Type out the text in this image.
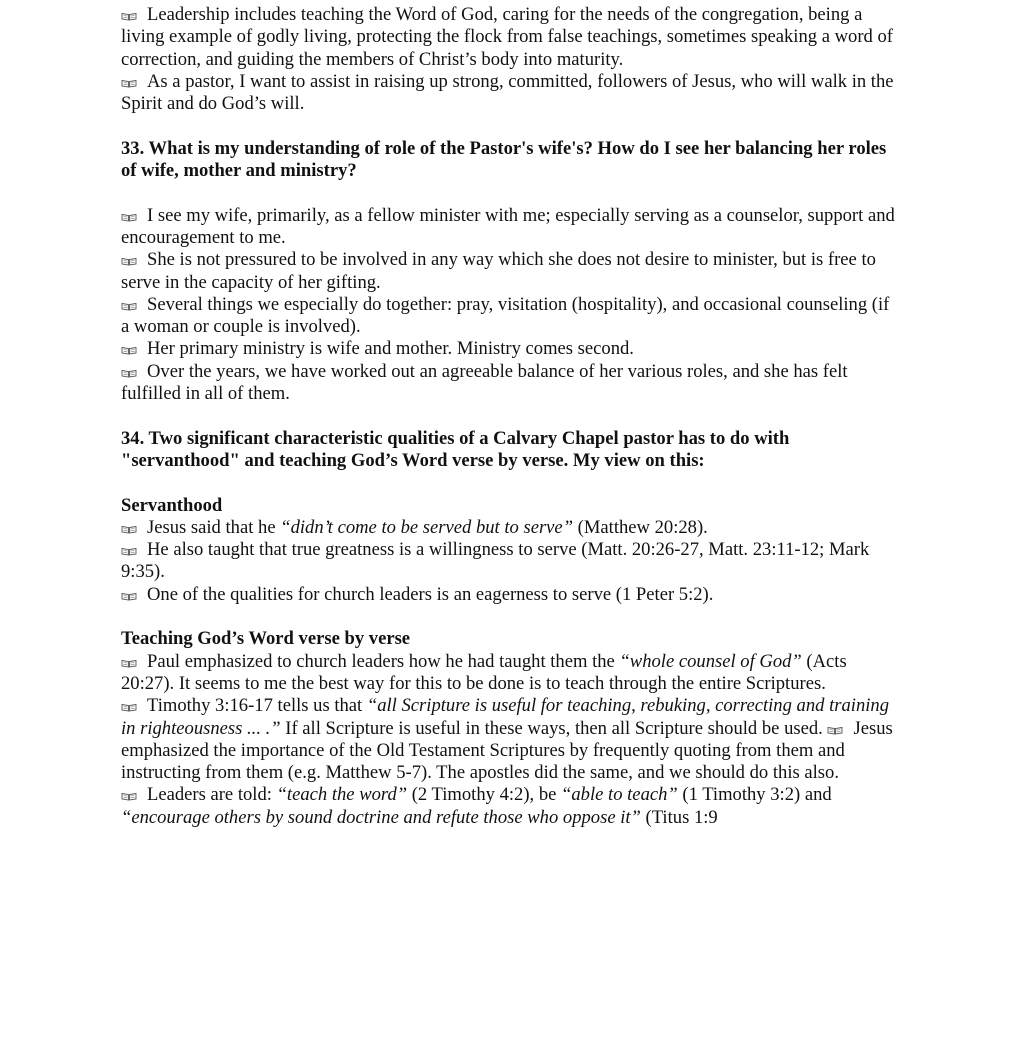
Leadership includes teaching the Word of God, caring for the needs of the congregation, being a living example of godly living, protecting the flock from false teachings, sometimes speaking a word of correction, and guiding the members of Christ’s body into maturity.

As a pastor, I want to assist in raising up strong, committed, followers of Jesus, who will walk in the Spirit and do God’s will.

33. What is my understanding of role of the Pastor's wife's? How do I see her balancing her roles of wife, mother and ministry?

I see my wife, primarily, as a fellow minister with me; especially serving as a counselor, support and encouragement to me.

She is not pressured to be involved in any way which she does not desire to minister, but is free to serve in the capacity of her gifting.

Several things we especially do together: pray, visitation (hospitality), and occasional counseling (if a woman or couple is involved).

Her primary ministry is wife and mother. Ministry comes second.

Over the years, we have worked out an agreeable balance of her various roles, and she has felt fulfilled in all of them.

34. Two significant characteristic qualities of a Calvary Chapel pastor has to do with "servanthood" and teaching God’s Word verse by verse. My view on this:

Servanthood

Jesus said that he “didn’t come to be served but to serve” (Matthew 20:28).

He also taught that true greatness is a willingness to serve (Matt. 20:26-27, Matt. 23:11-12; Mark 9:35).

One of the qualities for church leaders is an eagerness to serve (1 Peter 5:2).

Teaching God’s Word verse by verse

Paul emphasized to church leaders how he had taught them the “whole counsel of God” (Acts 20:27). It seems to me the best way for this to be done is to teach through the entire Scriptures.

Timothy 3:16-17 tells us that “all Scripture is useful for teaching, rebuking, correcting and training in righteousness ... .” If all Scripture is useful in these ways, then all Scripture should be used.
Jesus emphasized the importance of the Old Testament Scriptures by frequently quoting from them and instructing from them (e.g. Matthew 5-7). The apostles did the same, and we should do this also.

Leaders are told: “teach the word” (2 Timothy 4:2), be “able to teach” (1 Timothy 3:2) and “encourage others by sound doctrine and refute those who oppose it” (Titus 1:9
